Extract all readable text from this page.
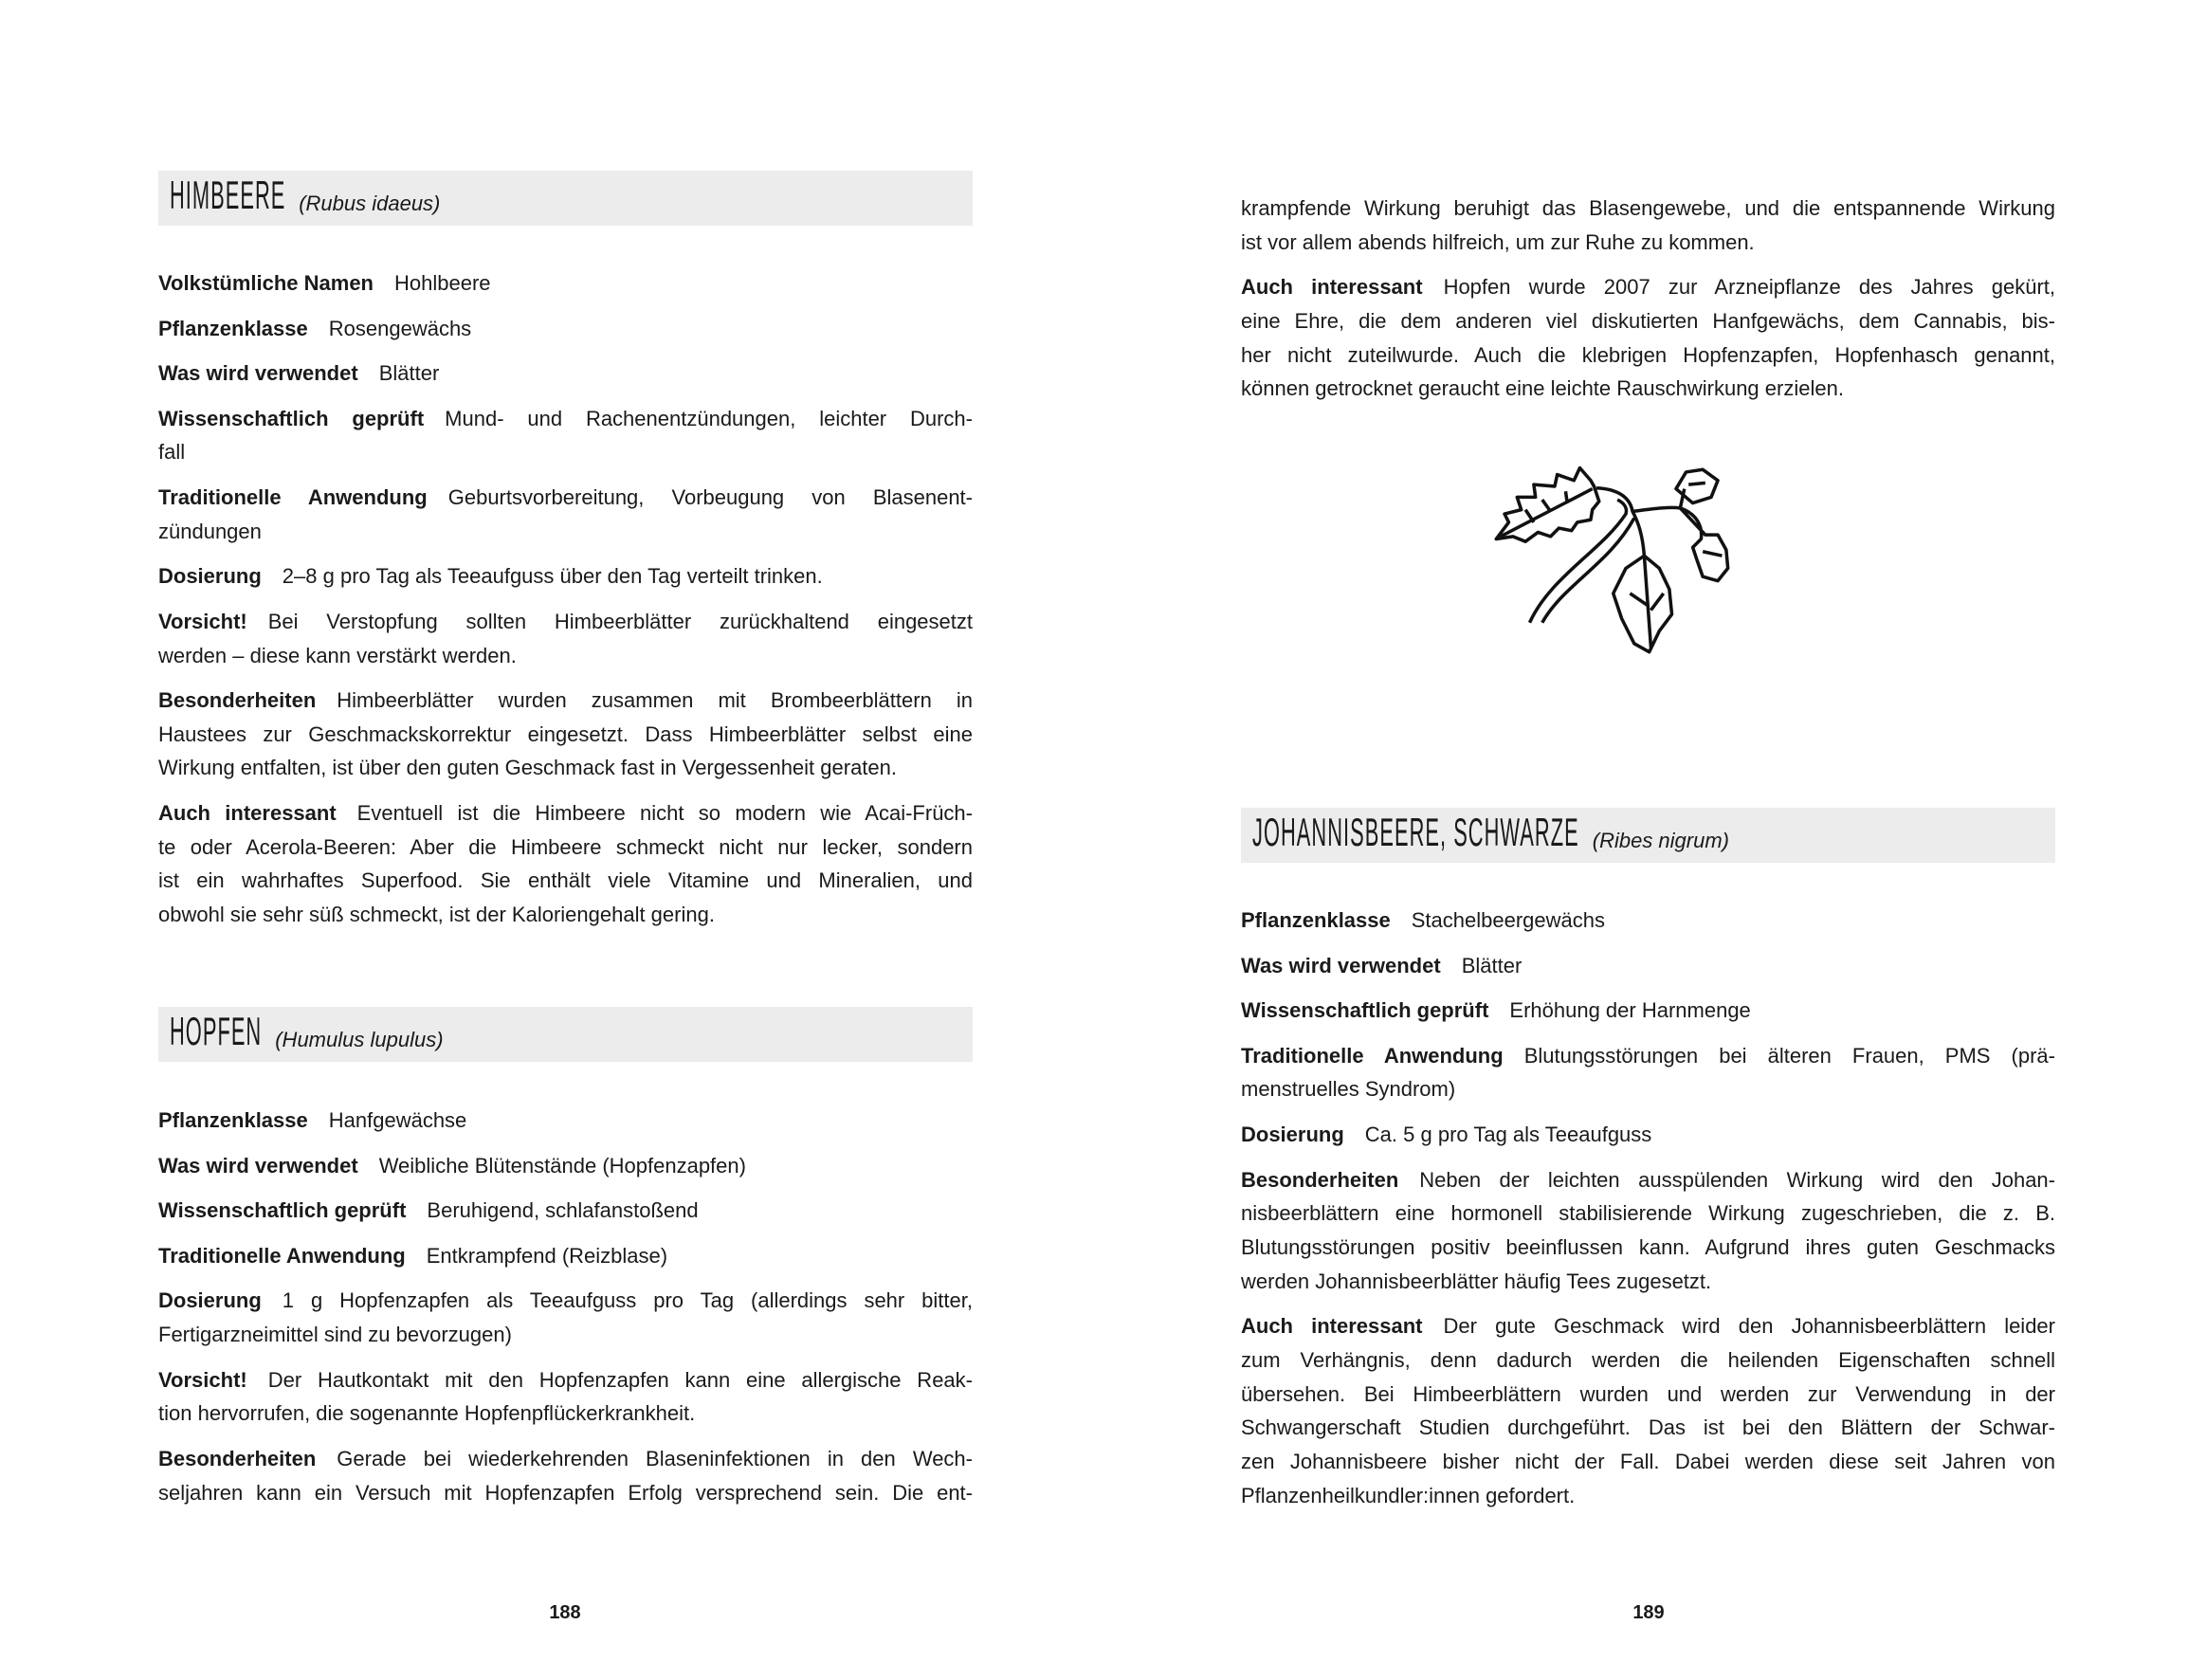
HIMBEERE (Rubus idaeus)
Volkstümliche Namen Hohlbeere
Pflanzenklasse Rosengewächs
Was wird verwendet Blätter
Wissenschaftlich geprüft Mund- und Rachenentzündungen, leichter Durch-
fall
Traditionelle Anwendung Geburtsvorbereitung, Vorbeugung von Blasenent-
zündungen
Dosierung 2–8 g pro Tag als Teeaufguss über den Tag verteilt trinken.
Vorsicht! Bei Verstopfung sollten Himbeerblätter zurückhaltend eingesetzt
werden – diese kann verstärkt werden.
Besonderheiten Himbeerblätter wurden zusammen mit Brombeerblättern in
Haustees zur Geschmackskorrektur eingesetzt. Dass Himbeerblätter selbst eine
Wirkung entfalten, ist über den guten Geschmack fast in Vergessenheit geraten.
Auch interessant Eventuell ist die Himbeere nicht so modern wie Acai-Früch-
te oder Acerola-Beeren: Aber die Himbeere schmeckt nicht nur lecker, sondern
ist ein wahrhaftes Superfood. Sie enthält viele Vitamine und Mineralien, und
obwohl sie sehr süß schmeckt, ist der Kaloriengehalt gering.
HOPFEN (Humulus lupulus)
Pflanzenklasse Hanfgewächse
Was wird verwendet Weibliche Blütenstände (Hopfenzapfen)
Wissenschaftlich geprüft Beruhigend, schlafanstoßend
Traditionelle Anwendung Entkrampfend (Reizblase)
Dosierung 1 g Hopfenzapfen als Teeaufguss pro Tag (allerdings sehr bitter,
Fertigarzneimittel sind zu bevorzugen)
Vorsicht! Der Hautkontakt mit den Hopfenzapfen kann eine allergische Reak-
tion hervorrufen, die sogenannte Hopfenpflückerkrankheit.
Besonderheiten Gerade bei wiederkehrenden Blaseninfektionen in den Wech-
seljahren kann ein Versuch mit Hopfenzapfen Erfolg versprechend sein. Die ent-
krampfende Wirkung beruhigt das Blasengewebe, und die entspannende Wirkung
ist vor allem abends hilfreich, um zur Ruhe zu kommen.
Auch interessant Hopfen wurde 2007 zur Arzneipflanze des Jahres gekürt,
eine Ehre, die dem anderen viel diskutierten Hanfgewächs, dem Cannabis, bis-
her nicht zuteilwurde. Auch die klebrigen Hopfenzapfen, Hopfenhasch genannt,
können getrocknet geraucht eine leichte Rauschwirkung erzielen.
JOHANNISBEERE, SCHWARZE (Ribes nigrum)
Pflanzenklasse Stachelbeergewächs
Was wird verwendet Blätter
Wissenschaftlich geprüft Erhöhung der Harnmenge
Traditionelle Anwendung Blutungsstörungen bei älteren Frauen, PMS (prä-
menstruelles Syndrom)
Dosierung Ca. 5 g pro Tag als Teeaufguss
Besonderheiten Neben der leichten ausspülenden Wirkung wird den Johan-
nisbeerblättern eine hormonell stabilisierende Wirkung zugeschrieben, die z. B.
Blutungsstörungen positiv beeinflussen kann. Aufgrund ihres guten Geschmacks
werden Johannisbeerblätter häufig Tees zugesetzt.
Auch interessant Der gute Geschmack wird den Johannisbeerblättern leider
zum Verhängnis, denn dadurch werden die heilenden Eigenschaften schnell
übersehen. Bei Himbeerblättern wurden und werden zur Verwendung in der
Schwangerschaft Studien durchgeführt. Das ist bei den Blättern der Schwar-
zen Johannisbeere bisher nicht der Fall. Dabei werden diese seit Jahren von
Pflanzenheilkundler:innen gefordert.
188	189
